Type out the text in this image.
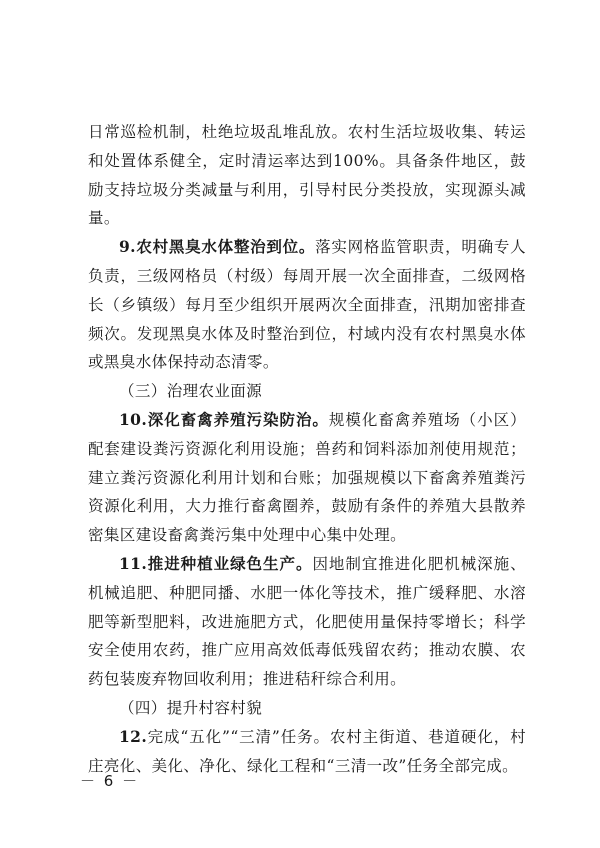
日常巡检机制，杜绝垃圾乱堆乱放。农村生活垃圾收集、转运和处置体系健全，定时清运率达到100%。具备条件地区，鼓励支持垃圾分类减量与利用，引导村民分类投放，实现源头减量。

9.农村黑臭水体整治到位。落实网格监管职责，明确专人负责，三级网格员（村级）每周开展一次全面排查，二级网格长（乡镇级）每月至少组织开展两次全面排查，汛期加密排查频次。发现黑臭水体及时整治到位，村域内没有农村黑臭水体或黑臭水体保持动态清零。

（三）治理农业面源

10.深化畜禽养殖污染防治。规模化畜禽养殖场（小区）配套建设粪污资源化利用设施；兽药和饲料添加剂使用规范；建立粪污资源化利用计划和台账；加强规模以下畜禽养殖粪污资源化利用，大力推行畜禽圈养，鼓励有条件的养殖大县散养密集区建设畜禽粪污集中处理中心集中处理。

11.推进种植业绿色生产。因地制宜推进化肥机械深施、机械追肥、种肥同播、水肥一体化等技术，推广缓释肥、水溶肥等新型肥料，改进施肥方式，化肥使用量保持零增长；科学安全使用农药，推广应用高效低毒低残留农药；推动农膜、农药包装废弃物回收利用；推进秸秆综合利用。

（四）提升村容村貌

12.完成“五化”“三清”任务。农村主街道、巷道硬化，村庄亮化、美化、净化、绿化工程和“三清一改”任务全部完成。

－ 6 －
